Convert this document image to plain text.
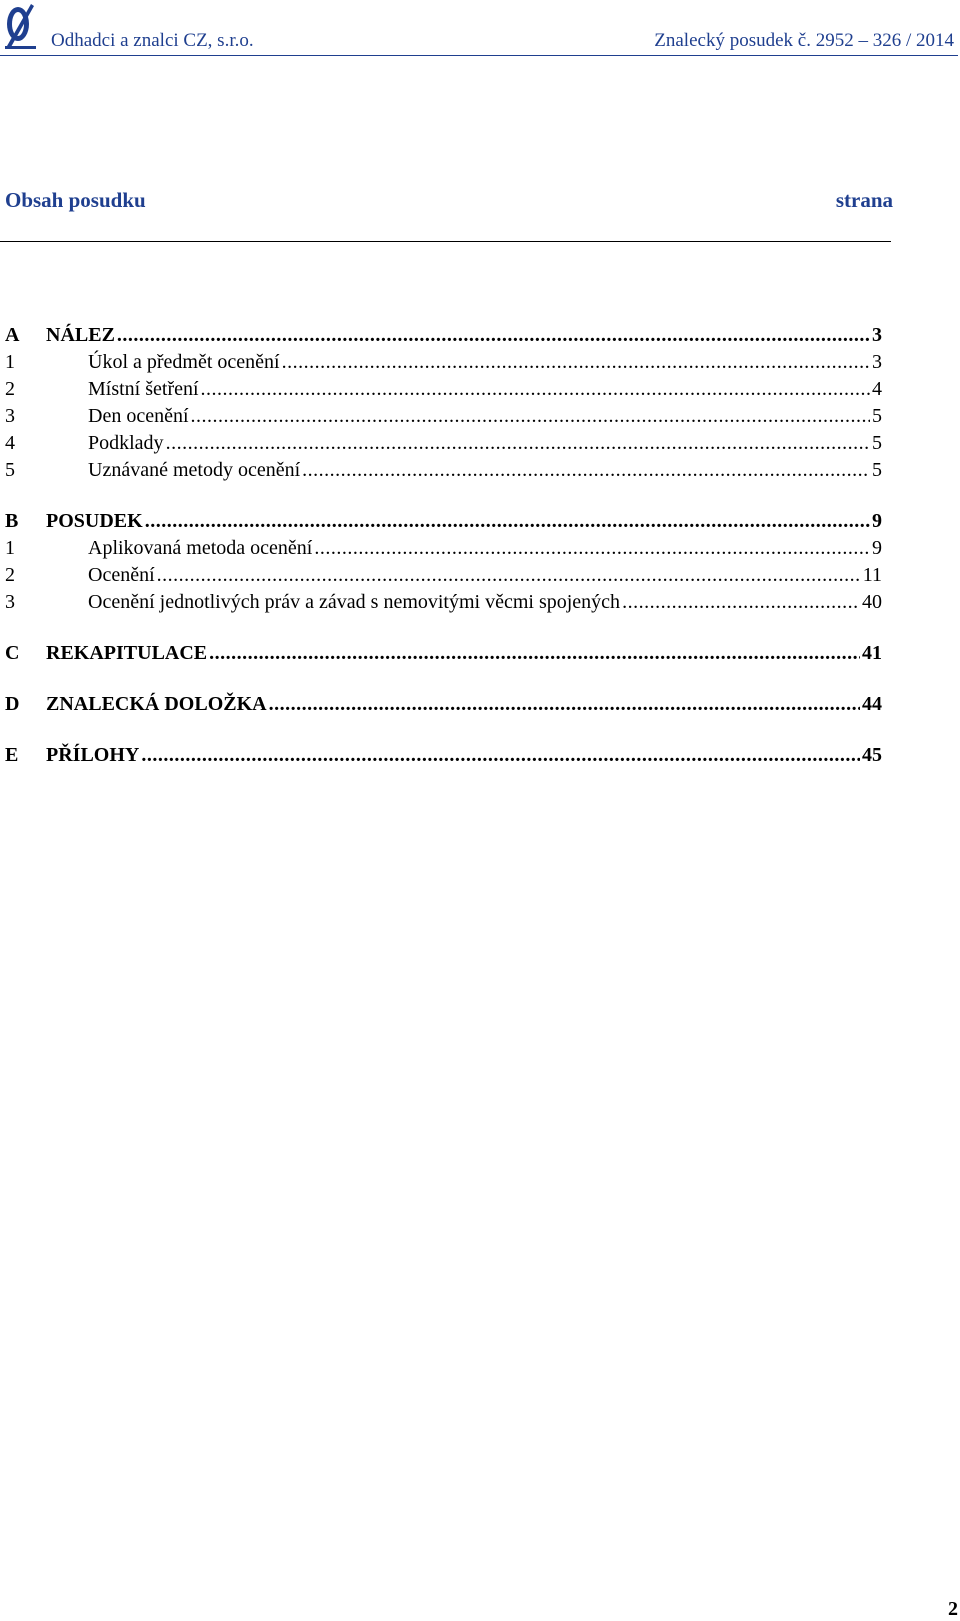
Odhadci a znalci CZ, s.r.o.	Znalecký posudek č. 2952 – 326 / 2014
Obsah posudku	strana
A NÁLEZ .....	3
1	Úkol a předmět ocenění .....	3
2	Místní šetření .....	4
3	Den ocenění .....	5
4	Podklady .....	5
5	Uznávané metody ocenění .....	5
B POSUDEK .....	9
1	Aplikovaná metoda ocenění .....	9
2	Ocenění .....	11
3	Ocenění jednotlivých práv a závad s nemovitými věcmi spojených .....	40
C REKAPITULACE .....	41
D ZNALECKÁ DOLOŽKA .....	44
E PŘÍLOHY .....	45
2
